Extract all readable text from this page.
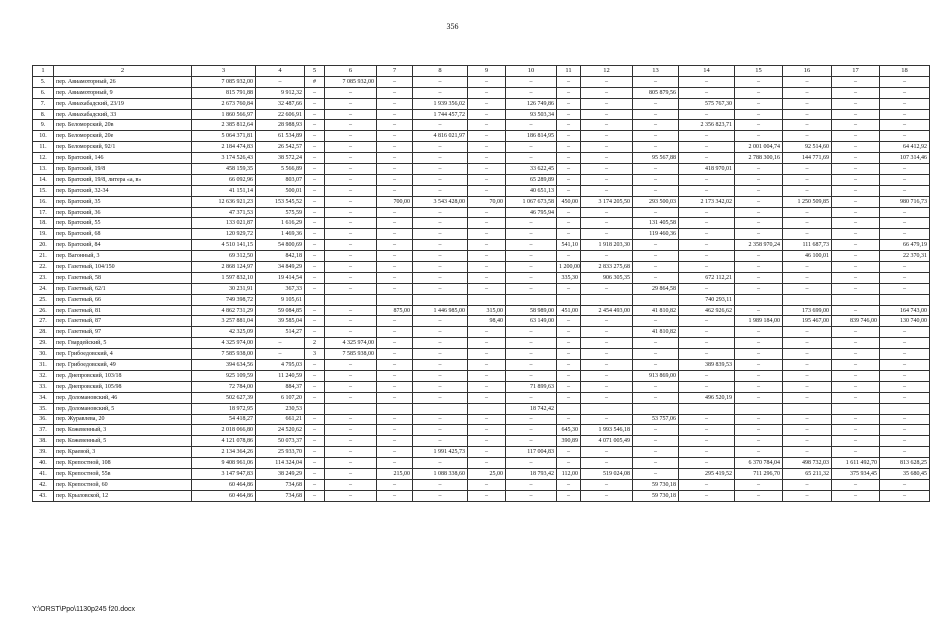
356
1	2	3	4	5	6	7	8	9	10	11	12	13	14	15	16	17	18
5.	пер. Авиамоторный, 26	7 085 932,00	–	#	7 085 932,00	–	–	–	–	–	–	–	–	–	–	–	–
6.	пер. Авиамоторный, 9	815 791,88	9 912,32	–	–	–	–	–	–	–	–	805 879,56	–	–	–	–	–
7.	пер. Авиахабадский, 23/19	2 673 760,84	32 487,66	–	–	–	1 939 356,02	–	126 749,86	–	–	–	575 767,30	–	–	–	–
8.	пер. Авиахабадский, 33	1 860 566,97	22 606,91	–	–	–	1 744 457,72	–	93 503,34	–	–	–	–	–	–	–	–
9.	пер. Беломорский, 20в	2 385 812,64	28 988,93	–	–	–	–	–	–	–	–	–	2 356 823,71	–	–	–	–
10.	пер. Беломорский, 20е	5 064 371,81	61 534,89	–	–	–	4 816 021,97	–	186 814,95	–	–	–	–	–	–	–	–
11.	пер. Беломорский, 92/1	2 184 474,83	26 542,57	–	–	–	–	–	–	–	–	–	–	2 001 004,74	92 514,60	–	64 412,92
12.	пер. Братский, 146	3 174 526,43	38 572,24	–	–	–	–	–	–	–	–	95 567,88	–	2 788 300,16	144 771,69	–	107 314,46
13.	пер. Братский, 19/8	458 159,35	5 566,89	–	–	–	–	–	33 622,45	–	–	–	418 970,01	–	–	–	–
14.	пер. Братский, 19/8, литера «а, в»	66 092,96	803,07	–	–	–	–	–	65 289,89	–	–	–	–	–	–	–	–
15.	пер. Братский, 32-34	41 151,14	500,01	–	–	–	–	–	40 651,13	–	–	–	–	–	–	–	–
16.	пер. Братский, 35	12 636 921,23	153 545,52	–	–	700,00	3 543 428,00	70,00	1 067 673,58	450,00	3 174 205,50	293 500,03	2 173 342,02	–	1 250 509,85	–	980 716,73
17.	пер. Братский, 36	47 371,53	575,59	–	–	–	–	–	46 795,94	–	–	–	–	–	–	–	–
18.	пер. Братский, 55	133 021,87	1 616,29	–	–	–	–	–	–	–	–	131 405,58	–	–	–	–	–
19.	пер. Братский, 68	120 929,72	1 469,36	–	–	–	–	–	–	–	–	119 460,36	–	–	–	–	–
20.	пер. Братский, 84	4 510 141,15	54 800,69	–	–	–	–	–	–	541,10	1 918 203,30	–	–	2 358 970,24	111 687,73	–	66 479,19
21.	пер. Вагонный, 3	69 312,50	842,18	–	–	–	–	–	–	–	–	–	–	–	46 100,01	–	22 370,31
22.	пер. Газетный, 104/150	2 868 124,97	34 849,29	–	–	–	–	–	–	1 200,00	2 833 275,68	–	–	–	–	–	–
23.	пер. Газетный, 58	1 597 832,10	19 414,54	–	–	–	–	–	–	335,30	906 305,35	–	672 112,21	–	–	–	–
24.	пер. Газетный, 62/1	30 231,91	367,33	–	–	–	–	–	–	–	–	29 864,58	–	–	–	–	–
25.	пер. Газетный, 66	749 398,72	9 105,61										740 293,11				
26.	пер. Газетный, 81	4 862 731,29	59 084,85	–	–	875,00	1 446 985,00	315,00	58 989,00	451,00	2 454 493,00	41 810,82	462 926,62	–	173 699,00	–	164 743,00
27.	пер. Газетный, 87	3 257 881,04	39 585,04	–	–	–	–	98,40	63 149,00	–	–	–	–	1 989 184,00	195 467,00	839 746,00	130 740,00
28.	пер. Газетный, 97	42 325,09	514,27	–	–	–	–	–	–	–	–	41 810,82	–	–	–	–	–
29.	пер. Гвардейский, 5	4 325 974,00	–	2	4 325 974,00	–	–	–	–	–	–	–	–	–	–	–	–
30.	пер. Грибоедовский, 4	7 585 938,00	–	3	7 585 938,00	–	–	–	–	–	–	–	–	–	–	–	–
31.	пер. Грибоедовский, 49	394 634,56	4 795,03	–	–	–	–	–	–	–	–	–	389 839,53	–	–	–	–
32.	пер. Днепровский, 103/18	925 109,59	11 240,59	–	–	–	–	–	–	–	–	913 869,00	–	–	–	–	–
33.	пер. Днепровский, 105/98	72 784,00	884,37	–	–	–	–	–	71 899,63	–	–	–	–	–	–	–	–
34.	пер. Доломановский, 46	502 627,39	6 107,20	–	–	–	–	–	–	–	–	–	496 520,19	–	–	–	–
35.	пер. Доломановский, 5	18 972,95	230,53						18 742,42								
36.	пер. Журавлева, 20	54 418,27	661,21	–	–	–	–	–	–	–	–	53 757,06	–	–	–	–	–
37.	пер. Кожевенный, 3	2 018 066,80	24 520,62	–	–	–	–	–	–	645,30	1 993 546,18	–	–	–	–	–	–
38.	пер. Кожевенный, 5	4 121 078,86	50 073,37	–	–	–	–	–	–	390,89	4 071 005,49	–	–	–	–	–	–
39.	пер. Краевой, 3	2 134 364,26	25 933,70	–	–	–	1 991 425,73	–	117 004,83	–	–	–	–	–	–	–	–
40.	пер. Крепостной, 108	9 408 961,06	114 324,04	–	–	–	–	–	–	–	–	–	–	6 370 784,04	498 732,03	1 611 492,70	813 628,25
41.	пер. Крепостной, 55в	3 147 947,83	38 249,29	–	–	215,00	1 088 338,60	25,00	18 793,42	112,00	519 024,08	–	295 419,52	711 296,70	65 211,32	375 934,45	35 680,45
42.	пер. Крепостной, 60	60 464,86	734,68	–	–	–	–	–	–	–	–	59 730,18	–	–	–	–	–
43.	пер. Крыловской, 12	60 464,86	734,68	–	–	–	–	–	–	–	–	59 730,18	–	–	–	–	–
Y:\ORST\Ppo\1130p245 f20.docx
